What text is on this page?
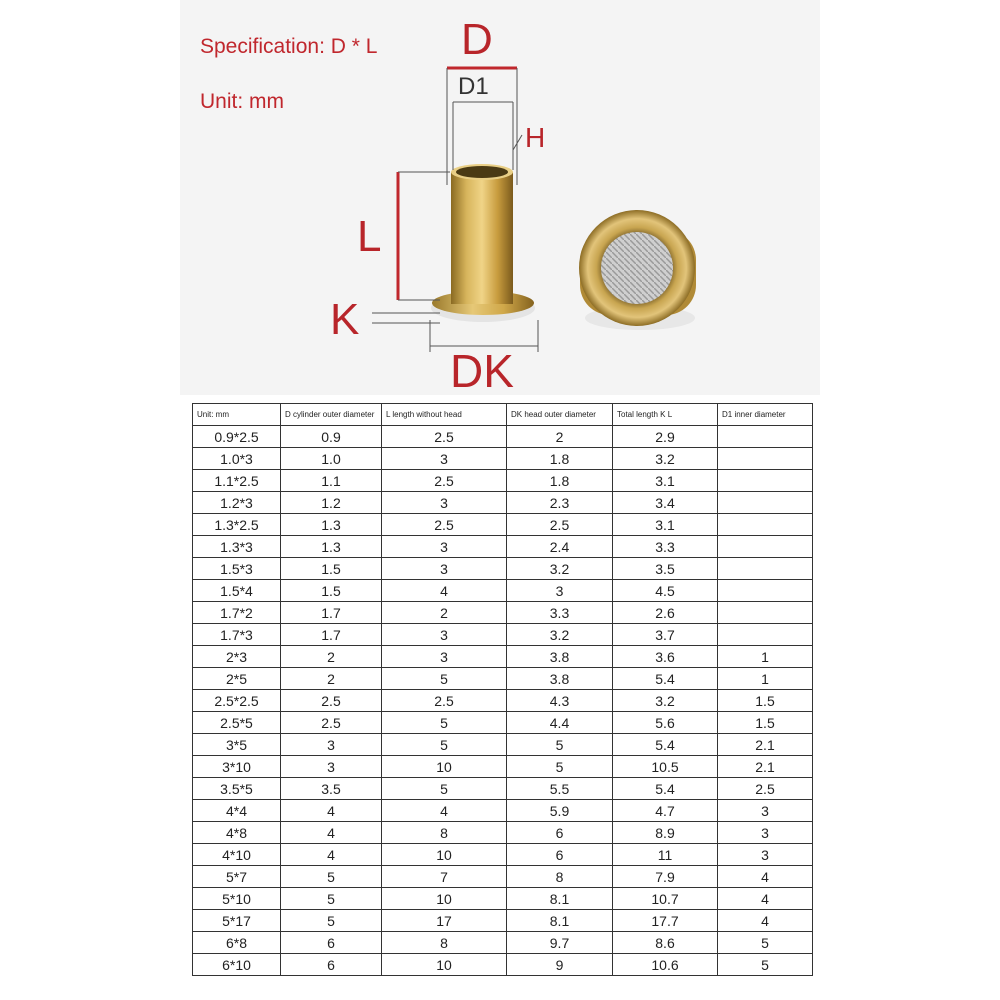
Specification: D * L
Unit: mm
D
D1
H
L
K
DK
Unit: mm	D cylinder outer diameter	L length without head	DK head outer diameter	Total length K L	D1 inner diameter
0.9*2.5	0.9	2.5	2	2.9	
1.0*3	1.0	3	1.8	3.2	
1.1*2.5	1.1	2.5	1.8	3.1	
1.2*3	1.2	3	2.3	3.4	
1.3*2.5	1.3	2.5	2.5	3.1	
1.3*3	1.3	3	2.4	3.3	
1.5*3	1.5	3	3.2	3.5	
1.5*4	1.5	4	3	4.5	
1.7*2	1.7	2	3.3	2.6	
1.7*3	1.7	3	3.2	3.7	
2*3	2	3	3.8	3.6	1
2*5	2	5	3.8	5.4	1
2.5*2.5	2.5	2.5	4.3	3.2	1.5
2.5*5	2.5	5	4.4	5.6	1.5
3*5	3	5	5	5.4	2.1
3*10	3	10	5	10.5	2.1
3.5*5	3.5	5	5.5	5.4	2.5
4*4	4	4	5.9	4.7	3
4*8	4	8	6	8.9	3
4*10	4	10	6	11	3
5*7	5	7	8	7.9	4
5*10	5	10	8.1	10.7	4
5*17	5	17	8.1	17.7	4
6*8	6	8	9.7	8.6	5
6*10	6	10	9	10.6	5
